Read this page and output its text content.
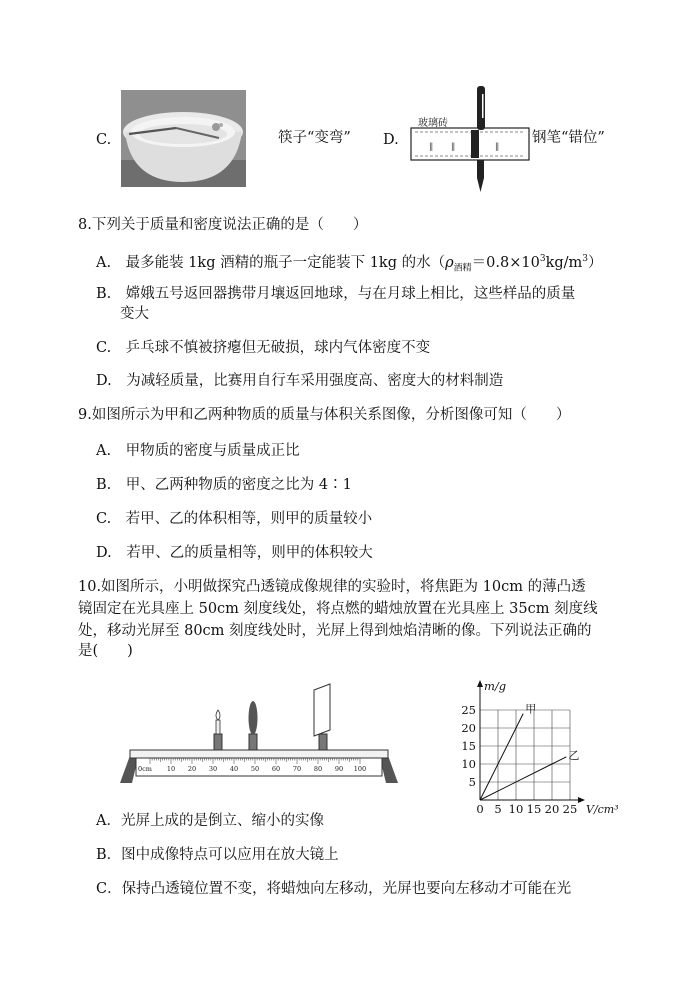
C.	筷子“变弯” D.	∥ ∥	∥
玻璃砖
钢笔“错位”
8.下列关于质量和密度说法正确的是（　　）
A.　最多能装 1kg 酒精的瓶子一定能装下 1kg 的水$(\rho_{酒精}=0.8\times 10^3kg/m^3)$
B.　嫦娥五号返回器携带月壤返回地球，与在月球上相比，这些样品的质量
变大
C.　乒乓球不慎被挤瘪但无破损，球内气体密度不变
D.　为减轻质量，比赛用自行车采用强度高、密度大的材料制造
9.如图所示为甲和乙两种物质的质量与体积关系图像，分析图像可知（　　）
A.　甲物质的密度与质量成正比
B.　甲、乙两种物质的密度之比为 4∶1
C.　若甲、乙的体积相等，则甲的质量较小
D.　若甲、乙的质量相等，则甲的体积较大
10.如图所示，小明做探究凸透镜成像规律的实验时，将焦距为 10cm 的薄凸透
镜固定在光具座上 50cm 刻度线处，将点燃的蜡烛放置在光具座上 35cm 刻度线
处，移动光屏至 80cm 刻度线处时，光屏上得到烛焰清晰的像。下列说法正确的
是(　　)
10 20 30 40 50 60 70 80 90 100
0cm
甲
乙
0 5 10 15 20 25
5
10
15
20
25
m/g
V/cm³
A．光屏上成的是倒立、缩小的实像
B．图中成像特点可以应用在放大镜上
C．保持凸透镜位置不变，将蜡烛向左移动，光屏也要向左移动才可能在光
